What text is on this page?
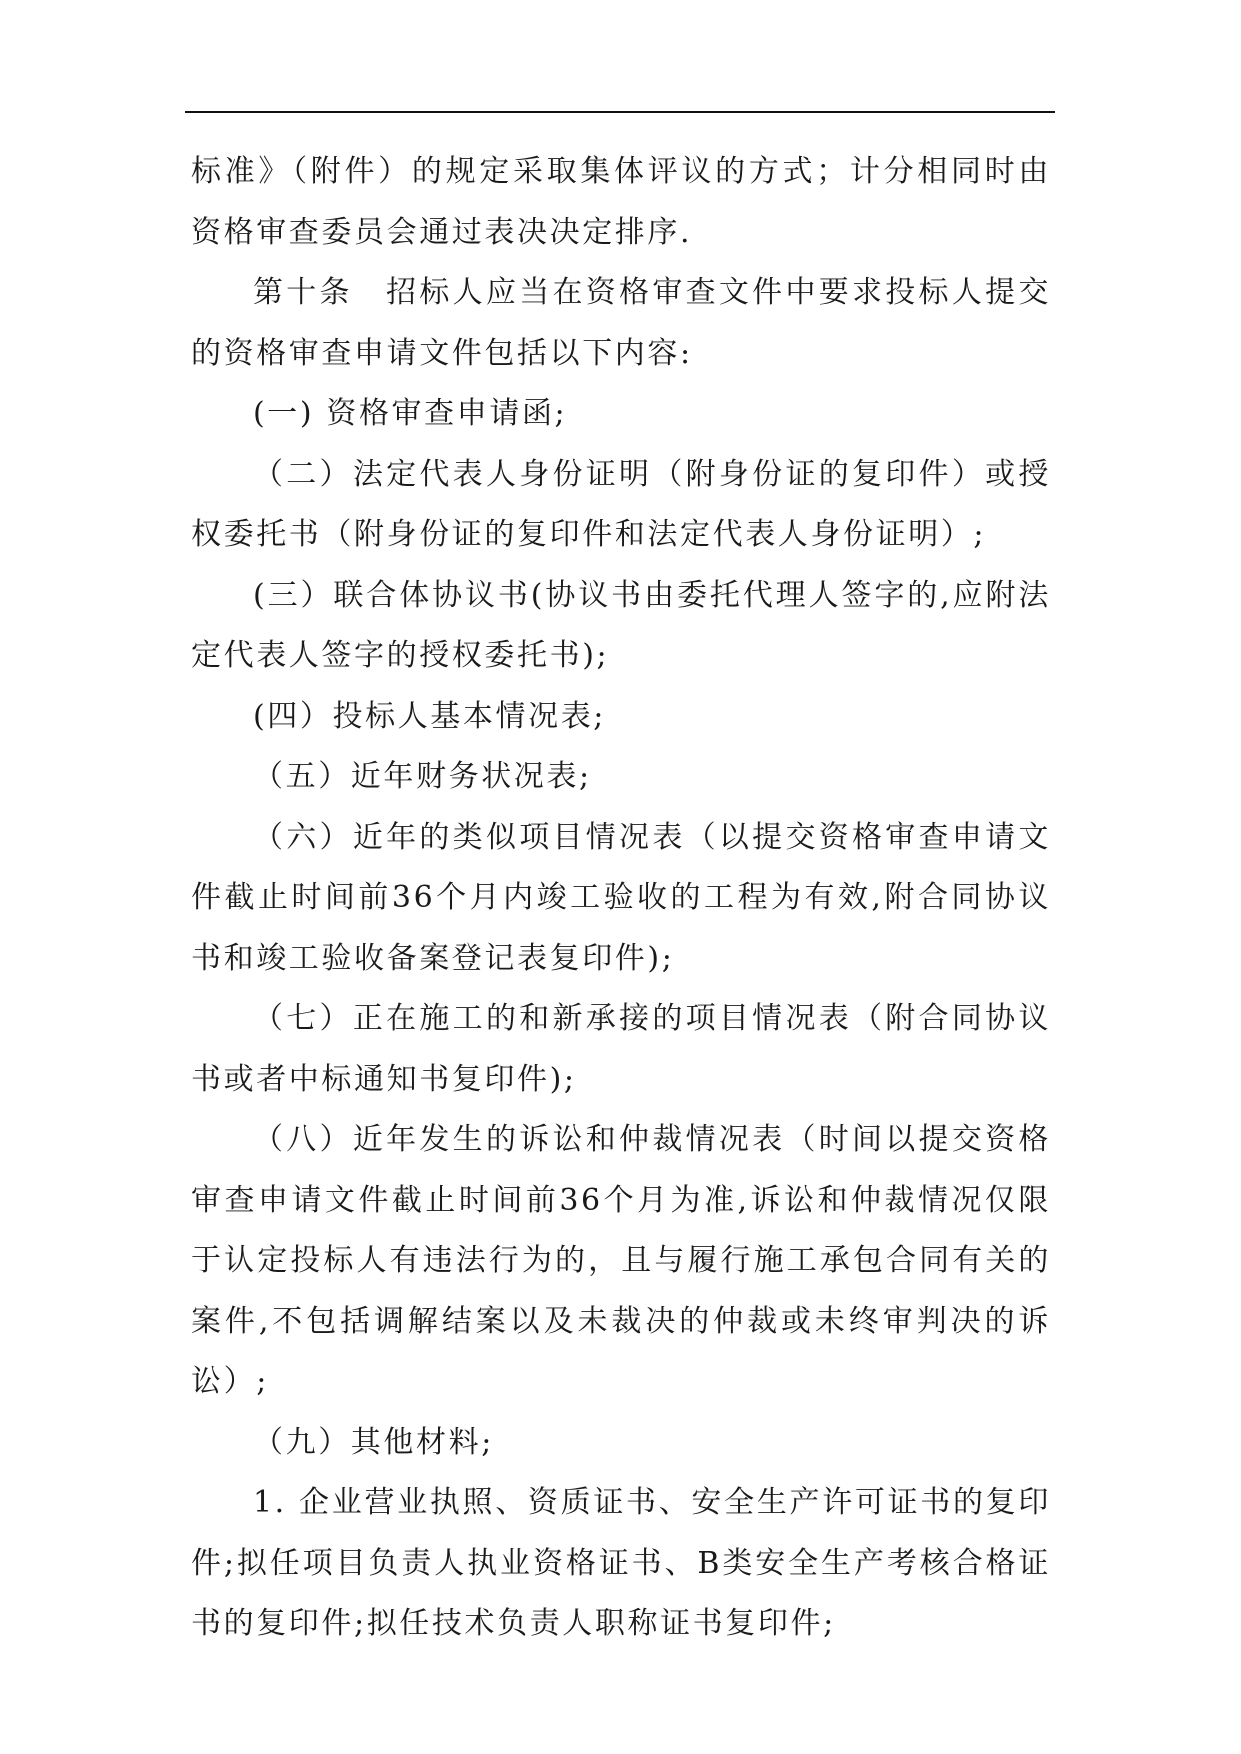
标准》（附件）的规定采取集体评议的方式；计分相同时由资格审查委员会通过表决决定排序.

第十条　招标人应当在资格审查文件中要求投标人提交的资格审查申请文件包括以下内容:

(一) 资格审查申请函;

（二）法定代表人身份证明（附身份证的复印件）或授权委托书（附身份证的复印件和法定代表人身份证明）;

(三）联合体协议书(协议书由委托代理人签字的,应附法定代表人签字的授权委托书);

(四）投标人基本情况表;

（五）近年财务状况表;

（六）近年的类似项目情况表（以提交资格审查申请文件截止时间前36个月内竣工验收的工程为有效,附合同协议书和竣工验收备案登记表复印件);

（七）正在施工的和新承接的项目情况表（附合同协议书或者中标通知书复印件);

（八）近年发生的诉讼和仲裁情况表（时间以提交资格审查申请文件截止时间前36个月为准,诉讼和仲裁情况仅限于认定投标人有违法行为的，且与履行施工承包合同有关的案件,不包括调解结案以及未裁决的仲裁或未终审判决的诉讼）;

（九）其他材料;

1. 企业营业执照、资质证书、安全生产许可证书的复印件;拟任项目负责人执业资格证书、B类安全生产考核合格证书的复印件;拟任技术负责人职称证书复印件;
